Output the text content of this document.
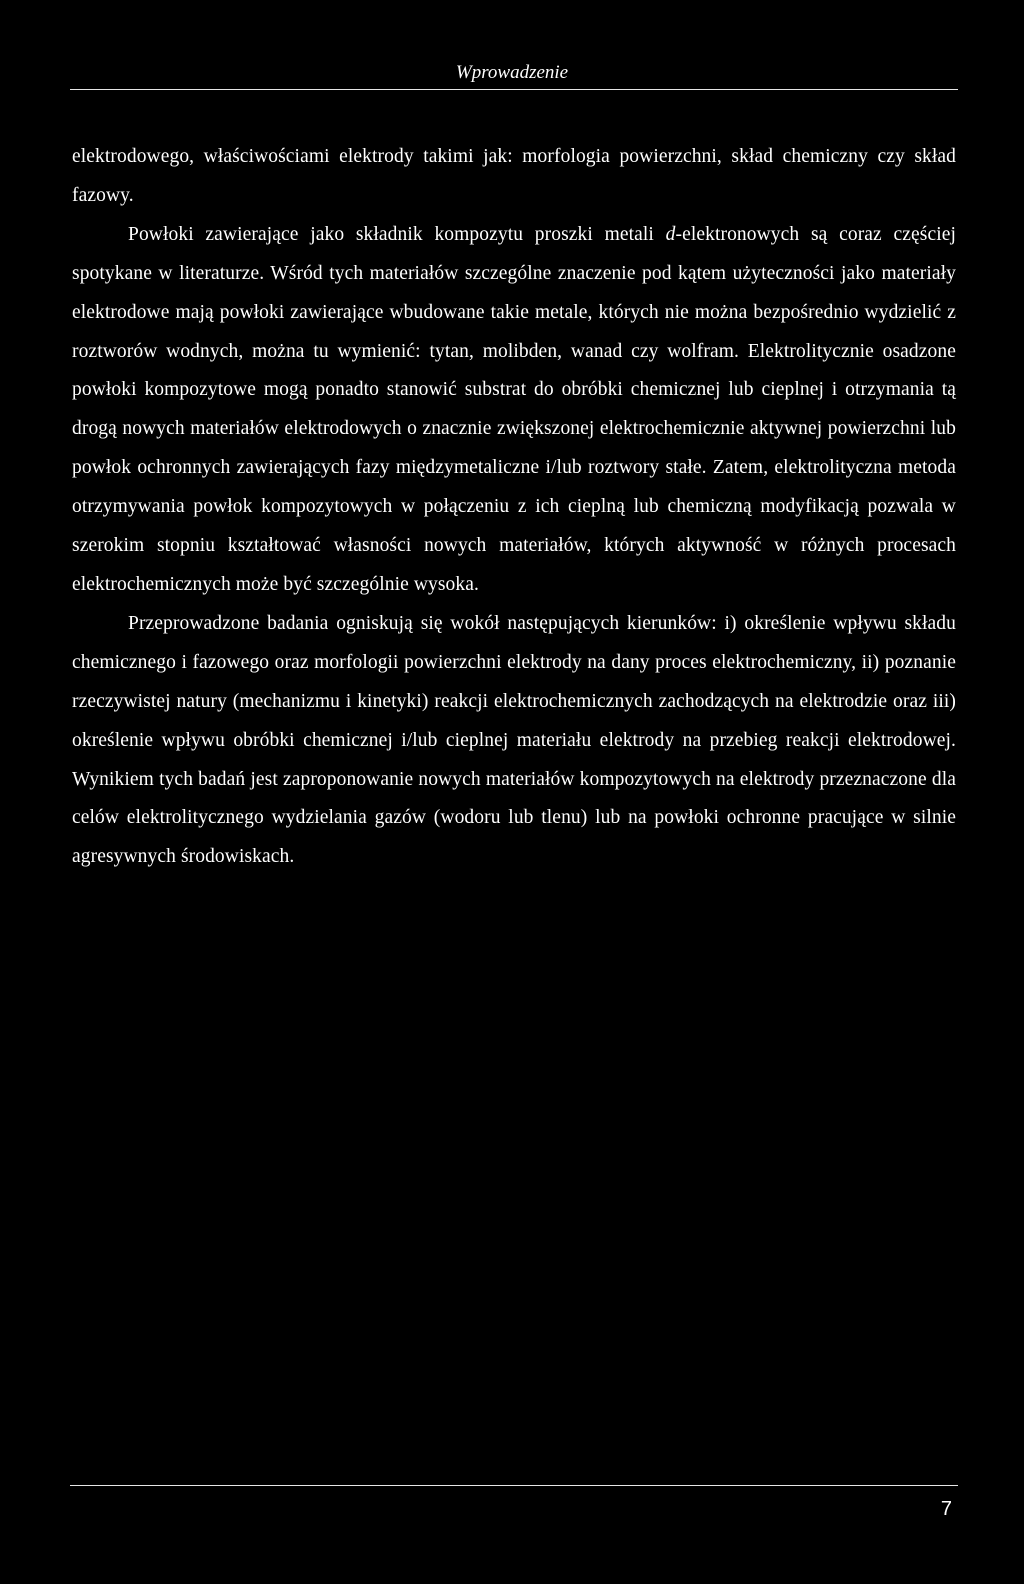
Wprowadzenie

elektrodowego, właściwościami elektrody takimi jak: morfologia powierzchni, skład chemiczny czy skład fazowy.

Powłoki zawierające jako składnik kompozytu proszki metali d-elektronowych są coraz częściej spotykane w literaturze. Wśród tych materiałów szczególne znaczenie pod kątem użyteczności jako materiały elektrodowe mają powłoki zawierające wbudowane takie metale, których nie można bezpośrednio wydzielić z roztworów wodnych, można tu wymienić: tytan, molibden, wanad czy wolfram. Elektrolitycznie osadzone powłoki kompozytowe mogą ponadto stanowić substrat do obróbki chemicznej lub cieplnej i otrzymania tą drogą nowych materiałów elektrodowych o znacznie zwiększonej elektrochemicznie aktywnej powierzchni lub powłok ochronnych zawierających fazy międzymetaliczne i/lub roztwory stałe. Zatem, elektrolityczna metoda otrzymywania powłok kompozytowych w połączeniu z ich cieplną lub chemiczną modyfikacją pozwala w szerokim stopniu kształtować własności nowych materiałów, których aktywność w różnych procesach elektrochemicznych może być szczególnie wysoka.

Przeprowadzone badania ogniskują się wokół następujących kierunków: i) określenie wpływu składu chemicznego i fazowego oraz morfologii powierzchni elektrody na dany proces elektrochemiczny, ii) poznanie rzeczywistej natury (mechanizmu i kinetyki) reakcji elektrochemicznych zachodzących na elektrodzie oraz iii) określenie wpływu obróbki chemicznej i/lub cieplnej materiału elektrody na przebieg reakcji elektrodowej. Wynikiem tych badań jest zaproponowanie nowych materiałów kompozytowych na elektrody przeznaczone dla celów elektrolitycznego wydzielania gazów (wodoru lub tlenu) lub na powłoki ochronne pracujące w silnie agresywnych środowiskach.

7
